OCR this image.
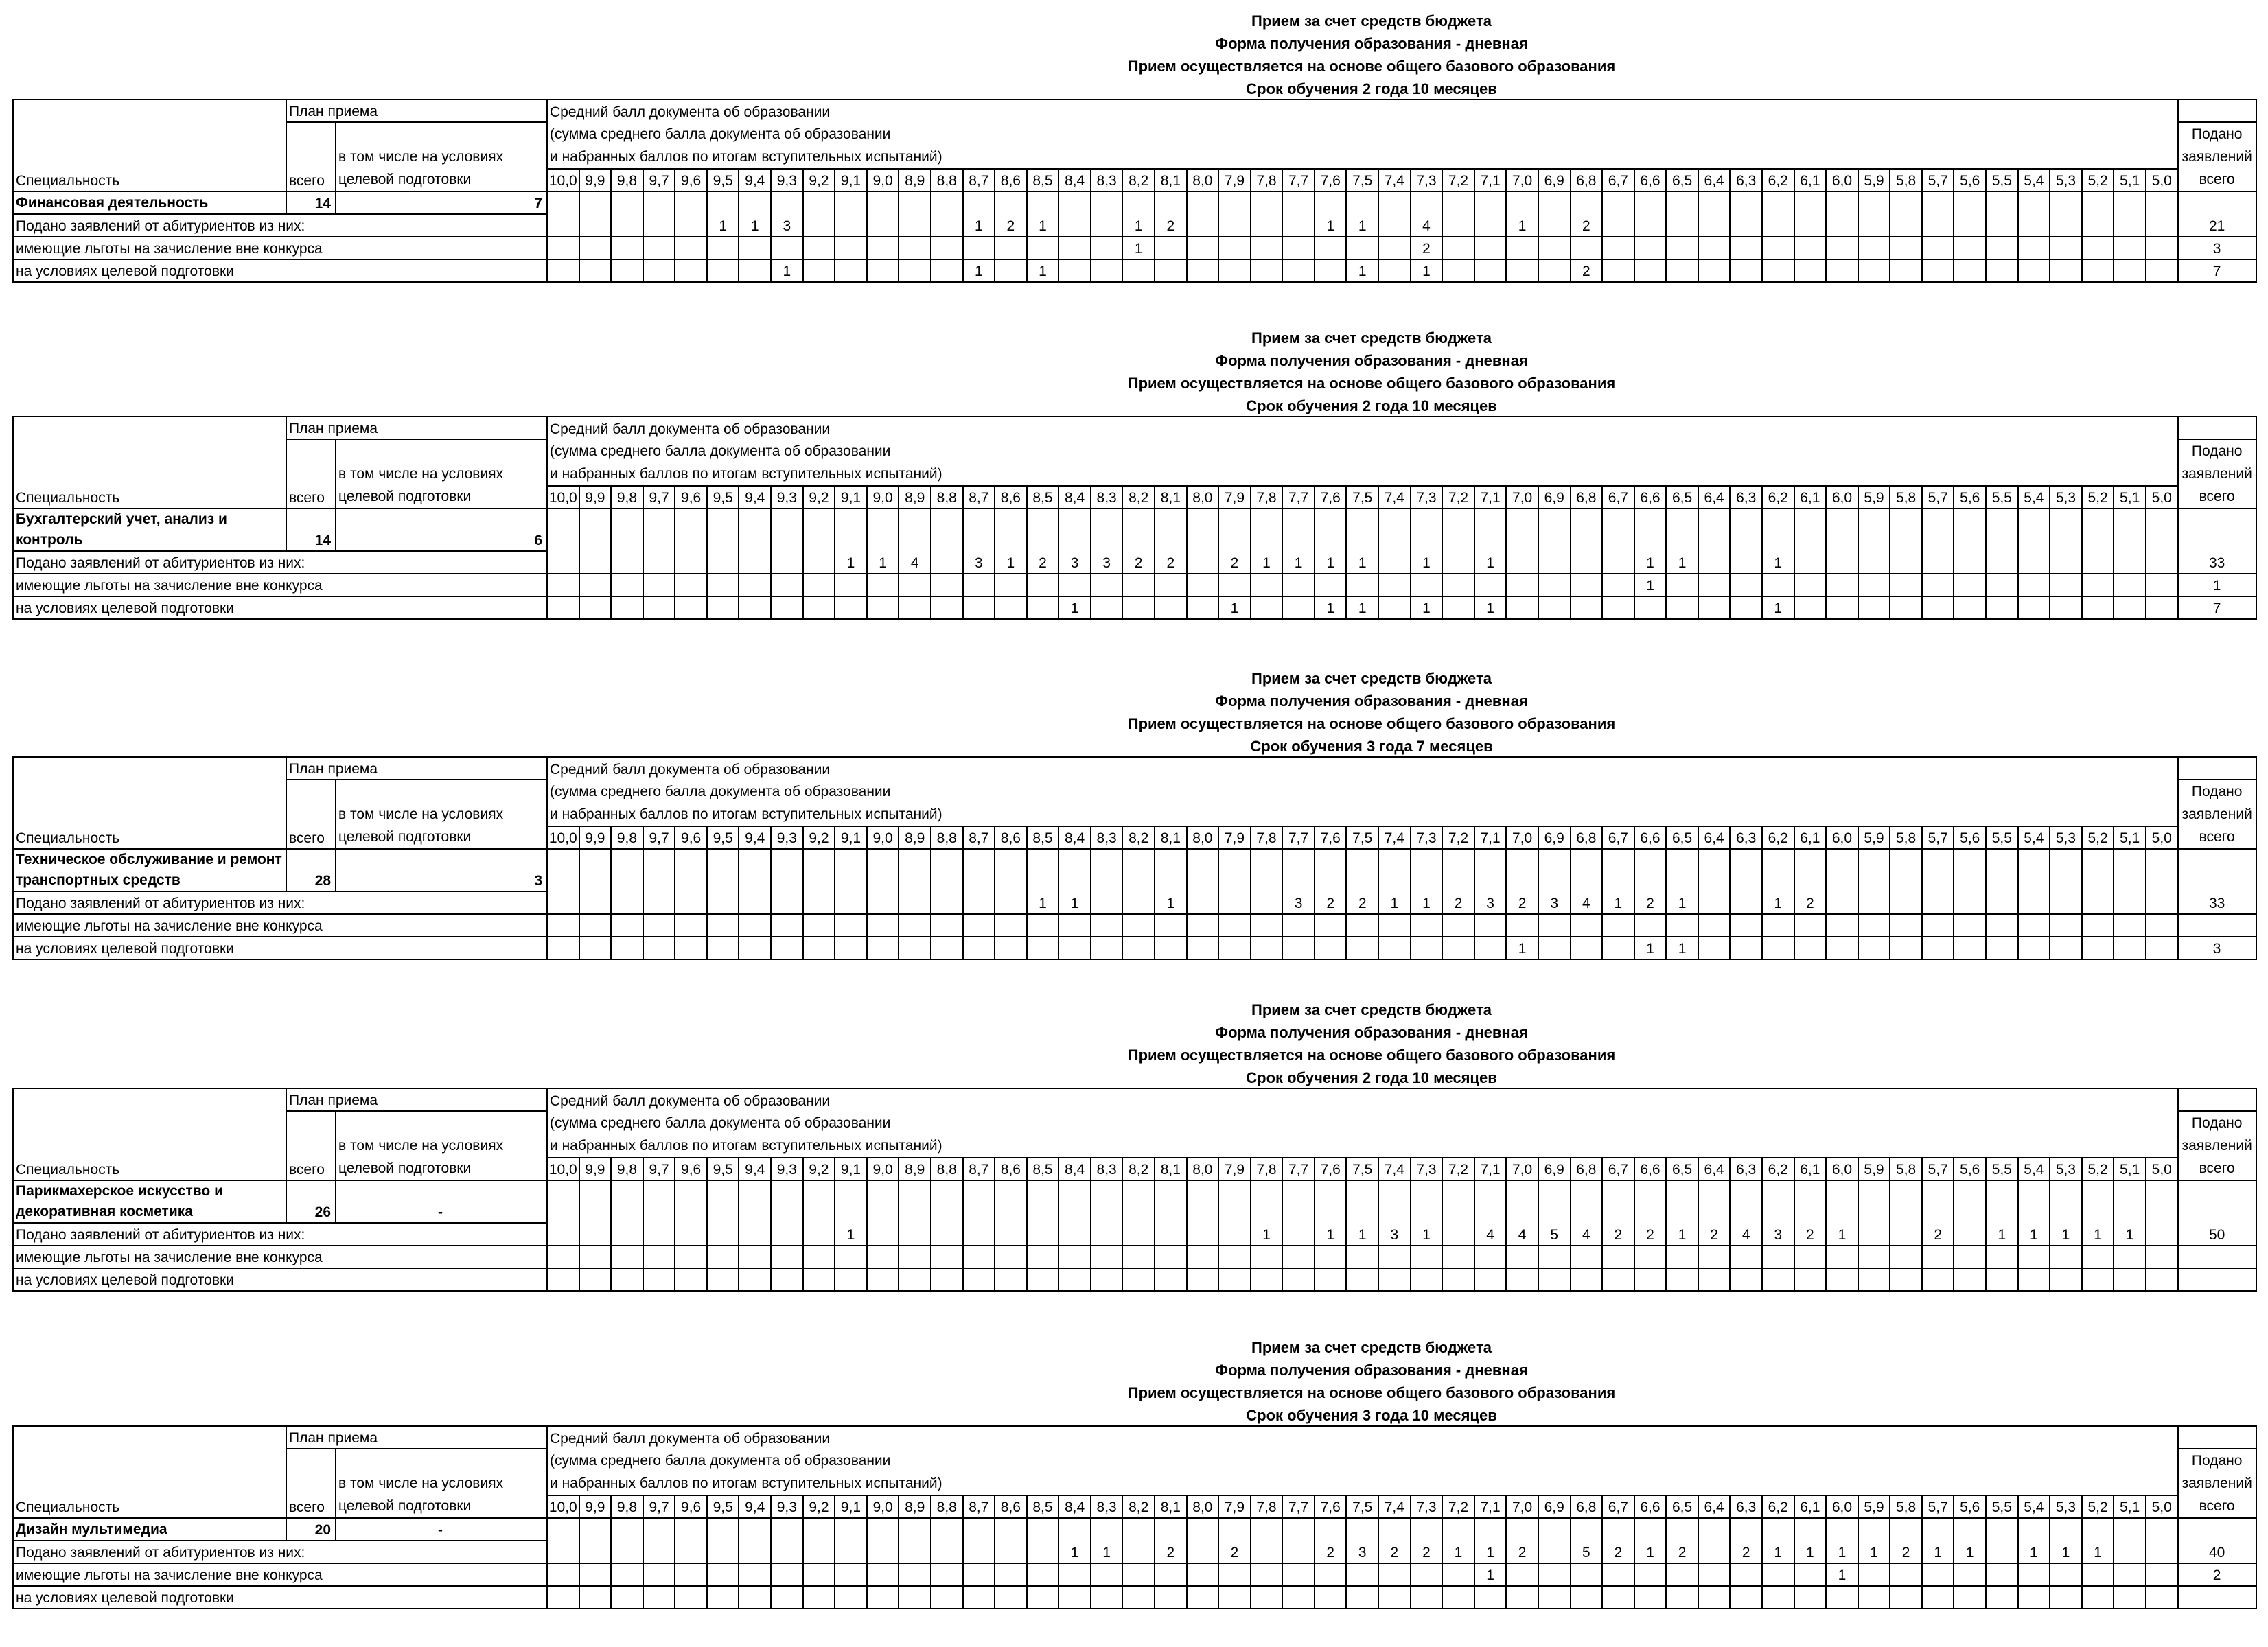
Прием за счет средств бюджета
Форма получения образования - дневная
Прием осуществляется на основе общего базового образования
Срок обучения 2 года 10 месяцев
Специальность	План приема		Средний балл документа об образовании																																																			
	всего	в том числе на условиях целевой подготовки	(сумма среднего балла документа об образовании
и набранных баллов по итогам вступительных испытаний)																																																			Подано заявлений всего
			10,0	9,9	9,8	9,7	9,6	9,5	9,4	9,3	9,2	9,1	9,0	8,9	8,8	8,7	8,6	8,5	8,4	8,3	8,2	8,1	8,0	7,9	7,8	7,7	7,6	7,5	7,4	7,3	7,2	7,1	7,0	6,9	6,8	6,7	6,6	6,5	6,4	6,3	6,2	6,1	6,0	5,9	5,8	5,7	5,6	5,5	5,4	5,3	5,2	5,1	5,0	
Финансовая деятельность	14	7																																																				
Подано заявлений от абитуриентов из них:								1	1	3						1	2	1			1	2					1	1		4			1		2																			21
имеющие льготы на зачисление вне конкурса																					1									2																								3
на условиях целевой подготовки										1						1		1										1		1					2																			7
Прием за счет средств бюджета
Форма получения образования - дневная
Прием осуществляется на основе общего базового образования
Срок обучения 2 года 10 месяцев
Специальность	План приема		Средний балл документа об образовании																																																			
	всего	в том числе на условиях целевой подготовки	(сумма среднего балла документа об образовании
и набранных баллов по итогам вступительных испытаний)																																																			Подано заявлений всего
			10,0	9,9	9,8	9,7	9,6	9,5	9,4	9,3	9,2	9,1	9,0	8,9	8,8	8,7	8,6	8,5	8,4	8,3	8,2	8,1	8,0	7,9	7,8	7,7	7,6	7,5	7,4	7,3	7,2	7,1	7,0	6,9	6,8	6,7	6,6	6,5	6,4	6,3	6,2	6,1	6,0	5,9	5,8	5,7	5,6	5,5	5,4	5,3	5,2	5,1	5,0	
Бухгалтерский учет, анализ и контроль	14	6																																																				
Подано заявлений от абитуриентов из них:												1	1	4		3	1	2	3	3	2	2		2	1	1	1	1		1		1					1	1			1													33
имеющие льготы на зачисление вне конкурса																																					1																	1
на условиях целевой подготовки																			1					1			1	1		1		1									1													7
Прием за счет средств бюджета
Форма получения образования - дневная
Прием осуществляется на основе общего базового образования
Срок обучения 3 года 7 месяцев
Специальность	План приема		Средний балл документа об образовании																																																			
	всего	в том числе на условиях целевой подготовки	(сумма среднего балла документа об образовании
и набранных баллов по итогам вступительных испытаний)																																																			Подано заявлений всего
			10,0	9,9	9,8	9,7	9,6	9,5	9,4	9,3	9,2	9,1	9,0	8,9	8,8	8,7	8,6	8,5	8,4	8,3	8,2	8,1	8,0	7,9	7,8	7,7	7,6	7,5	7,4	7,3	7,2	7,1	7,0	6,9	6,8	6,7	6,6	6,5	6,4	6,3	6,2	6,1	6,0	5,9	5,8	5,7	5,6	5,5	5,4	5,3	5,2	5,1	5,0	
Техническое обслуживание и ремонт транспортных средств	28	3																																																				
Подано заявлений от абитуриентов из них:																		1	1			1				3	2	2	1	1	2	3	2	3	4	1	2	1			1	2												33
имеющие льготы на зачисление вне конкурса																																																						
на условиях целевой подготовки																																	1				1	1																3
Прием за счет средств бюджета
Форма получения образования - дневная
Прием осуществляется на основе общего базового образования
Срок обучения 2 года 10 месяцев
Специальность	План приема		Средний балл документа об образовании																																																			
	всего	в том числе на условиях целевой подготовки	(сумма среднего балла документа об образовании
и набранных баллов по итогам вступительных испытаний)																																																			Подано заявлений всего
			10,0	9,9	9,8	9,7	9,6	9,5	9,4	9,3	9,2	9,1	9,0	8,9	8,8	8,7	8,6	8,5	8,4	8,3	8,2	8,1	8,0	7,9	7,8	7,7	7,6	7,5	7,4	7,3	7,2	7,1	7,0	6,9	6,8	6,7	6,6	6,5	6,4	6,3	6,2	6,1	6,0	5,9	5,8	5,7	5,6	5,5	5,4	5,3	5,2	5,1	5,0	
Парикмахерское искусство и декоративная косметика	26	-																																																				
Подано заявлений от абитуриентов из них:												1													1		1	1	3	1		4	4	5	4	2	2	1	2	4	3	2	1			2		1	1	1	1	1		50
имеющие льготы на зачисление вне конкурса																																																						
на условиях целевой подготовки																																																						
Прием за счет средств бюджета
Форма получения образования - дневная
Прием осуществляется на основе общего базового образования
Срок обучения 3 года 10 месяцев
Специальность	План приема		Средний балл документа об образовании																																																			
	всего	в том числе на условиях целевой подготовки	(сумма среднего балла документа об образовании
и набранных баллов по итогам вступительных испытаний)																																																			Подано заявлений всего
			10,0	9,9	9,8	9,7	9,6	9,5	9,4	9,3	9,2	9,1	9,0	8,9	8,8	8,7	8,6	8,5	8,4	8,3	8,2	8,1	8,0	7,9	7,8	7,7	7,6	7,5	7,4	7,3	7,2	7,1	7,0	6,9	6,8	6,7	6,6	6,5	6,4	6,3	6,2	6,1	6,0	5,9	5,8	5,7	5,6	5,5	5,4	5,3	5,2	5,1	5,0	
Дизайн мультимедиа	20	-																																																				
Подано заявлений от абитуриентов из них:																			1	1		2		2			2	3	2	2	1	1	2		5	2	1	2		2	1	1	1	1	2	1	1		1	1	1			40
имеющие льготы на зачисление вне конкурса																																1											1											2
на условиях целевой подготовки																																																						
